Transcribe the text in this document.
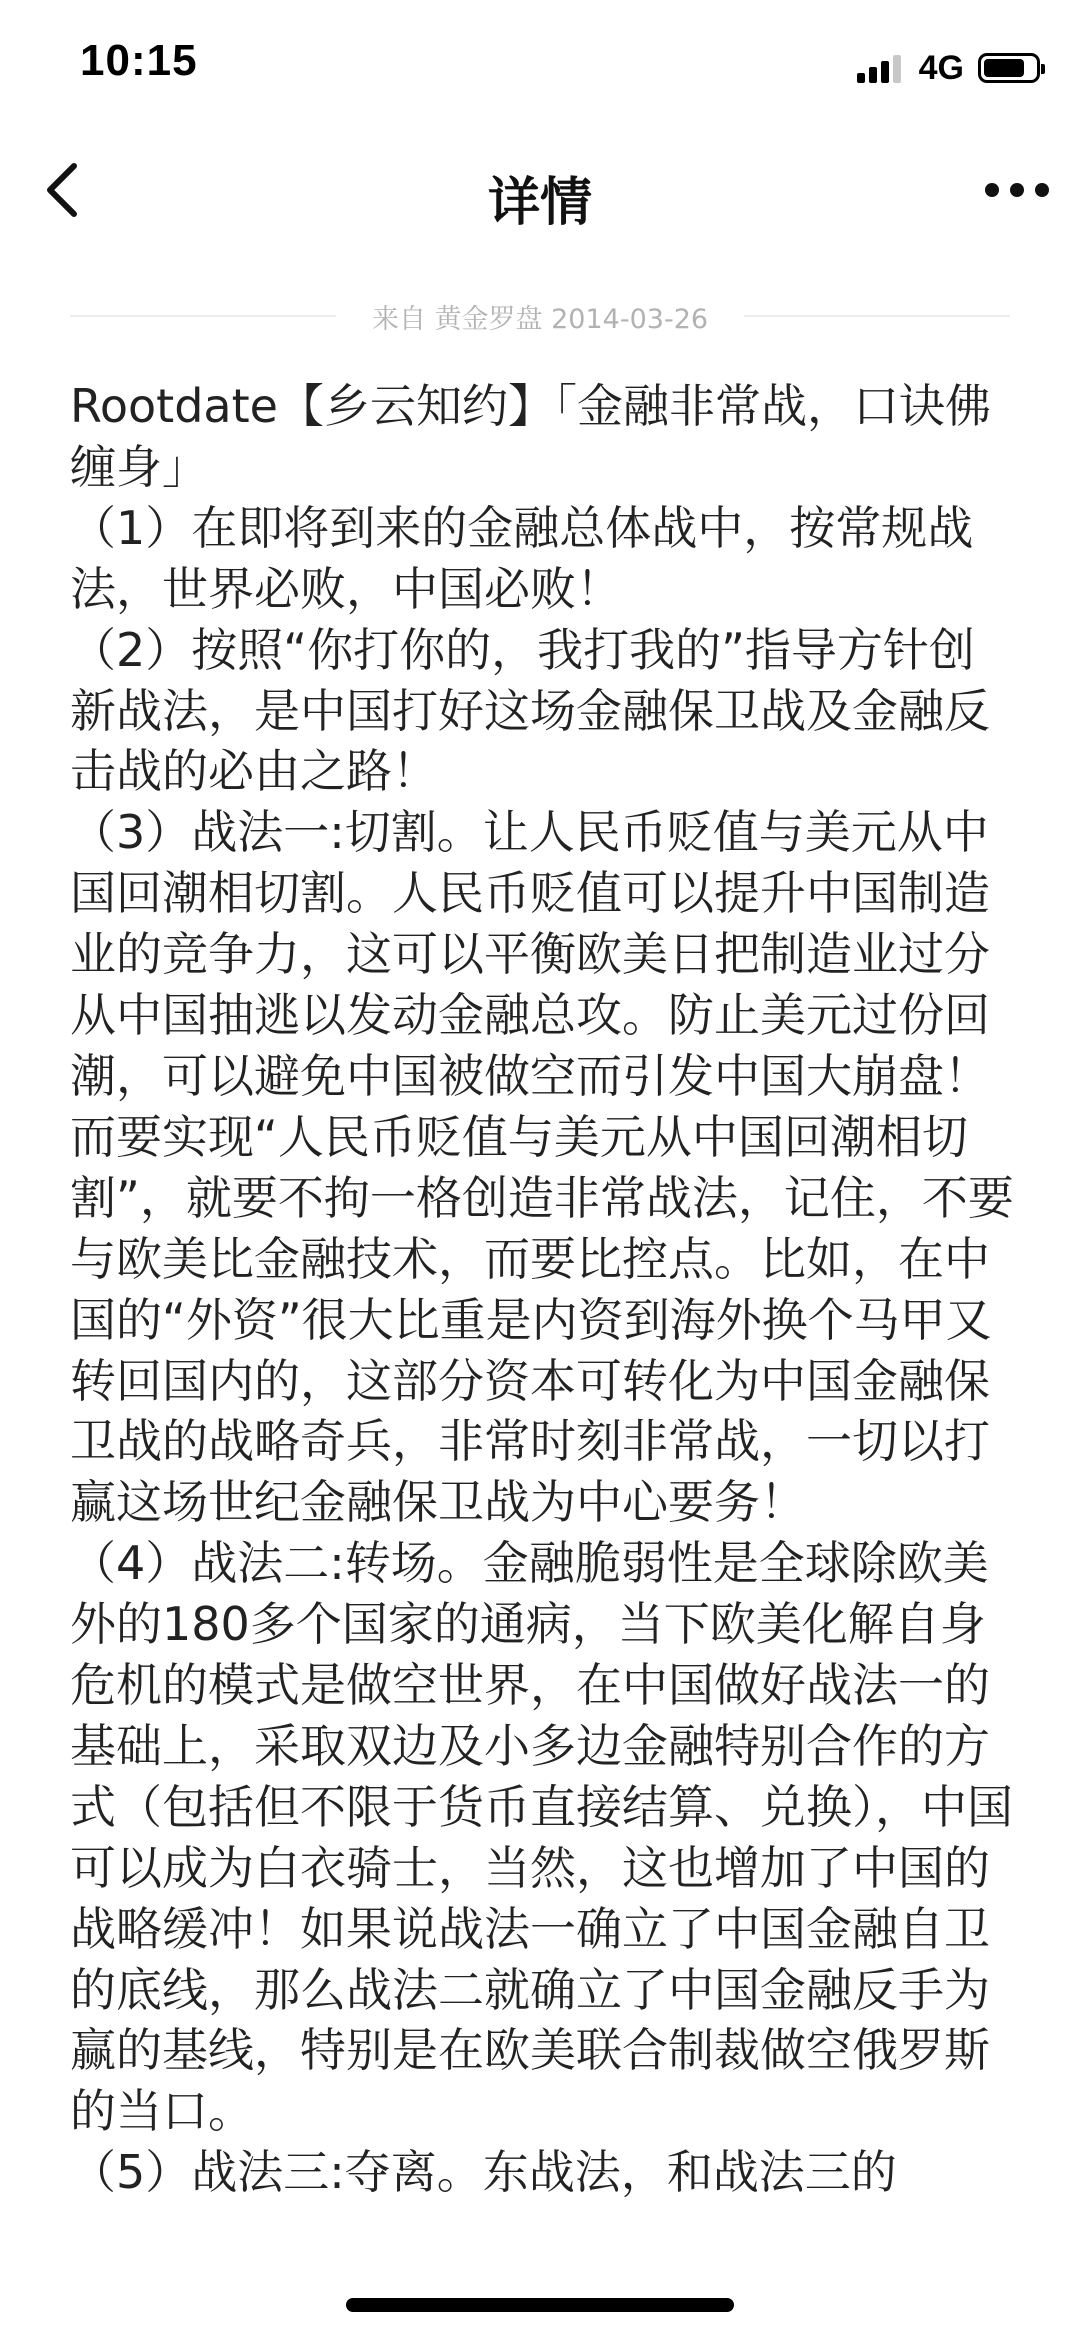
10:15	4G
详情
来自 黄金罗盘 2014-03-26

Rootdate【乡云知约】「金融非常战，口诀佛缠身」

（1）在即将到来的金融总体战中，按常规战法，世界必败，中国必败！

（2）按照“你打你的，我打我的”指导方针创新战法，是中国打好这场金融保卫战及金融反击战的必由之路！

（3）战法一:切割。让人民币贬值与美元从中国回潮相切割。人民币贬值可以提升中国制造业的竞争力，这可以平衡欧美日把制造业过分从中国抽逃以发动金融总攻。防止美元过份回潮，可以避免中国被做空而引发中国大崩盘！而要实现“人民币贬值与美元从中国回潮相切割”，就要不拘一格创造非常战法，记住，不要与欧美比金融技术，而要比控点。比如，在中国的“外资”很大比重是内资到海外换个马甲又转回国内的，这部分资本可转化为中国金融保卫战的战略奇兵，非常时刻非常战，一切以打赢这场世纪金融保卫战为中心要务！

（4）战法二:转场。金融脆弱性是全球除欧美外的180多个国家的通病，当下欧美化解自身危机的模式是做空世界，在中国做好战法一的基础上，采取双边及小多边金融特别合作的方式（包括但不限于货币直接结算、兑换），中国可以成为白衣骑士，当然，这也增加了中国的战略缓冲！如果说战法一确立了中国金融自卫的底线，那么战法二就确立了中国金融反手为赢的基线，特别是在欧美联合制裁做空俄罗斯的当口。

（5）战法三:夺离。东战法，和战法三的
